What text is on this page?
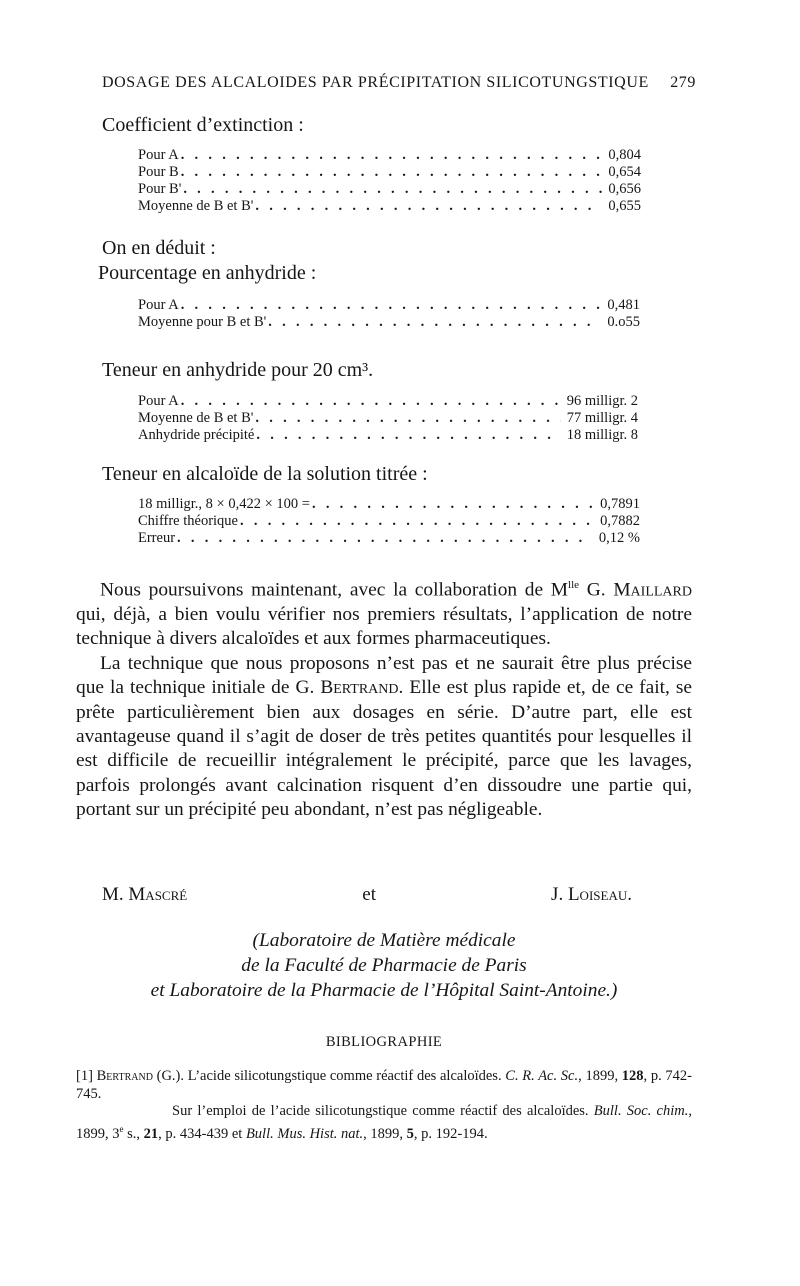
DOSAGE DES ALCALOIDES PAR PRÉCIPITATION SILICOTUNGSTIQUE 279
Coefficient d’extinction :
Pour A . . .	0,804
Pour B . . .	0,654
Pour B' . . .	0,656
Moyenne de B et B' . . .	0,655
On en déduit :
Pourcentage en anhydride :
Pour A . . .	0,481
Moyenne pour B et B' . . .	0.o55
Teneur en anhydride pour 20 cm³.
Pour A . . .	96 milligr. 2
Moyenne de B et B' . . .	77 milligr. 4
Anhydride précipité . . .	18 milligr. 8
Teneur en alcaloïde de la solution titrée :
18 milligr., 8 × 0,422 × 100 = . . .	0,7891
Chiffre théorique . . .	0,7882
Erreur . . .	0,12 %

Nous poursuivons maintenant, avec la collaboration de $M^{lle}$ G. Maillard qui, déjà, a bien voulu vérifier nos premiers résultats, l’application de notre technique à divers alcaloïdes et aux formes pharmaceutiques.

La technique que nous proposons n’est pas et ne saurait être plus précise que la technique initiale de G. Bertrand. Elle est plus rapide et, de ce fait, se prête particulièrement bien aux dosages en série. D’autre part, elle est avantageuse quand il s’agit de doser de très petites quantités pour lesquelles il est difficile de recueillir intégralement le précipité, parce que les lavages, parfois prolongés avant calcination risquent d’en dissoudre une partie qui, portant sur un précipité peu abondant, n’est pas négligeable.

M. Mascré	et	J. Loiseau.
(Laboratoire de Matière médicale
de la Faculté de Pharmacie de Paris
et Laboratoire de la Pharmacie de l’Hôpital Saint-Antoine.)
BIBLIOGRAPHIE
[1] Bertrand (G.). L’acide silicotungstique comme réactif des alcaloïdes. C. R. Ac. Sc., 1899, 128, p. 742-745.
Sur l’emploi de l’acide silicotungstique comme réactif des alcaloïdes. Bull. Soc. chim., 1899, 3e s., 21, p. 434-439 et Bull. Mus. Hist. nat., 1899, 5, p. 192-194.
